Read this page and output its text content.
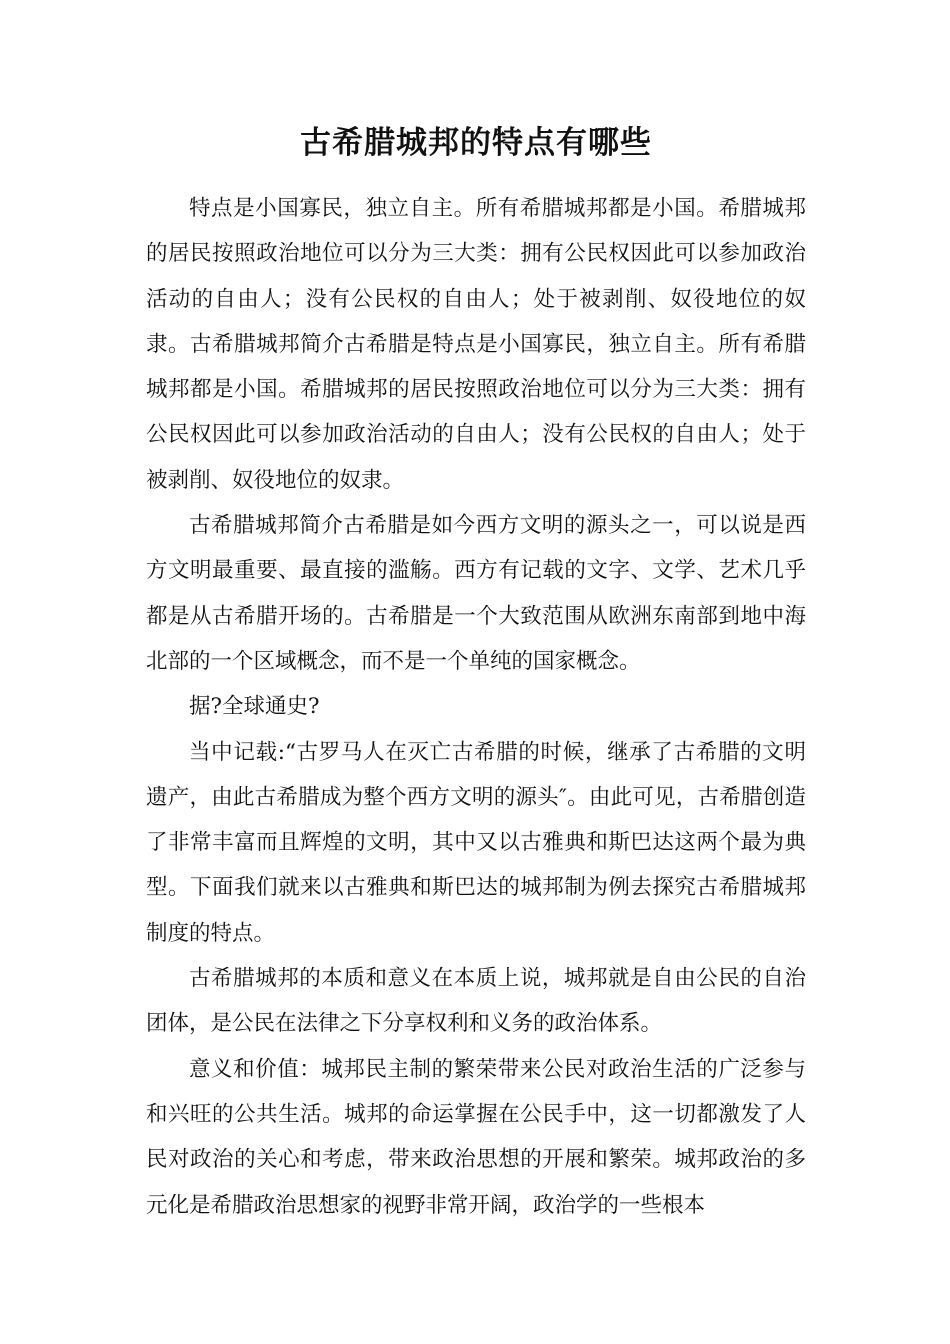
古希腊城邦的特点有哪些

特点是小国寡民，独立自主。所有希腊城邦都是小国。希腊城邦的居民按照政治地位可以分为三大类：拥有公民权因此可以参加政治活动的自由人；没有公民权的自由人；处于被剥削、奴役地位的奴隶。古希腊城邦简介古希腊是特点是小国寡民，独立自主。所有希腊城邦都是小国。希腊城邦的居民按照政治地位可以分为三大类：拥有公民权因此可以参加政治活动的自由人；没有公民权的自由人；处于被剥削、奴役地位的奴隶。

古希腊城邦简介古希腊是如今西方文明的源头之一，可以说是西方文明最重要、最直接的滥觞。西方有记载的文字、文学、艺术几乎都是从古希腊开场的。古希腊是一个大致范围从欧洲东南部到地中海北部的一个区域概念，而不是一个单纯的国家概念。

据?全球通史?

当中记载:“古罗马人在灭亡古希腊的时候，继承了古希腊的文明遗产，由此古希腊成为整个西方文明的源头″。由此可见，古希腊创造了非常丰富而且辉煌的文明，其中又以古雅典和斯巴达这两个最为典型。下面我们就来以古雅典和斯巴达的城邦制为例去探究古希腊城邦制度的特点。

古希腊城邦的本质和意义在本质上说，城邦就是自由公民的自治团体，是公民在法律之下分享权利和义务的政治体系。

意义和价值：城邦民主制的繁荣带来公民对政治生活的广泛参与和兴旺的公共生活。城邦的命运掌握在公民手中，这一切都激发了人民对政治的关心和考虑，带来政治思想的开展和繁荣。城邦政治的多元化是希腊政治思想家的视野非常开阔，政治学的一些根本
